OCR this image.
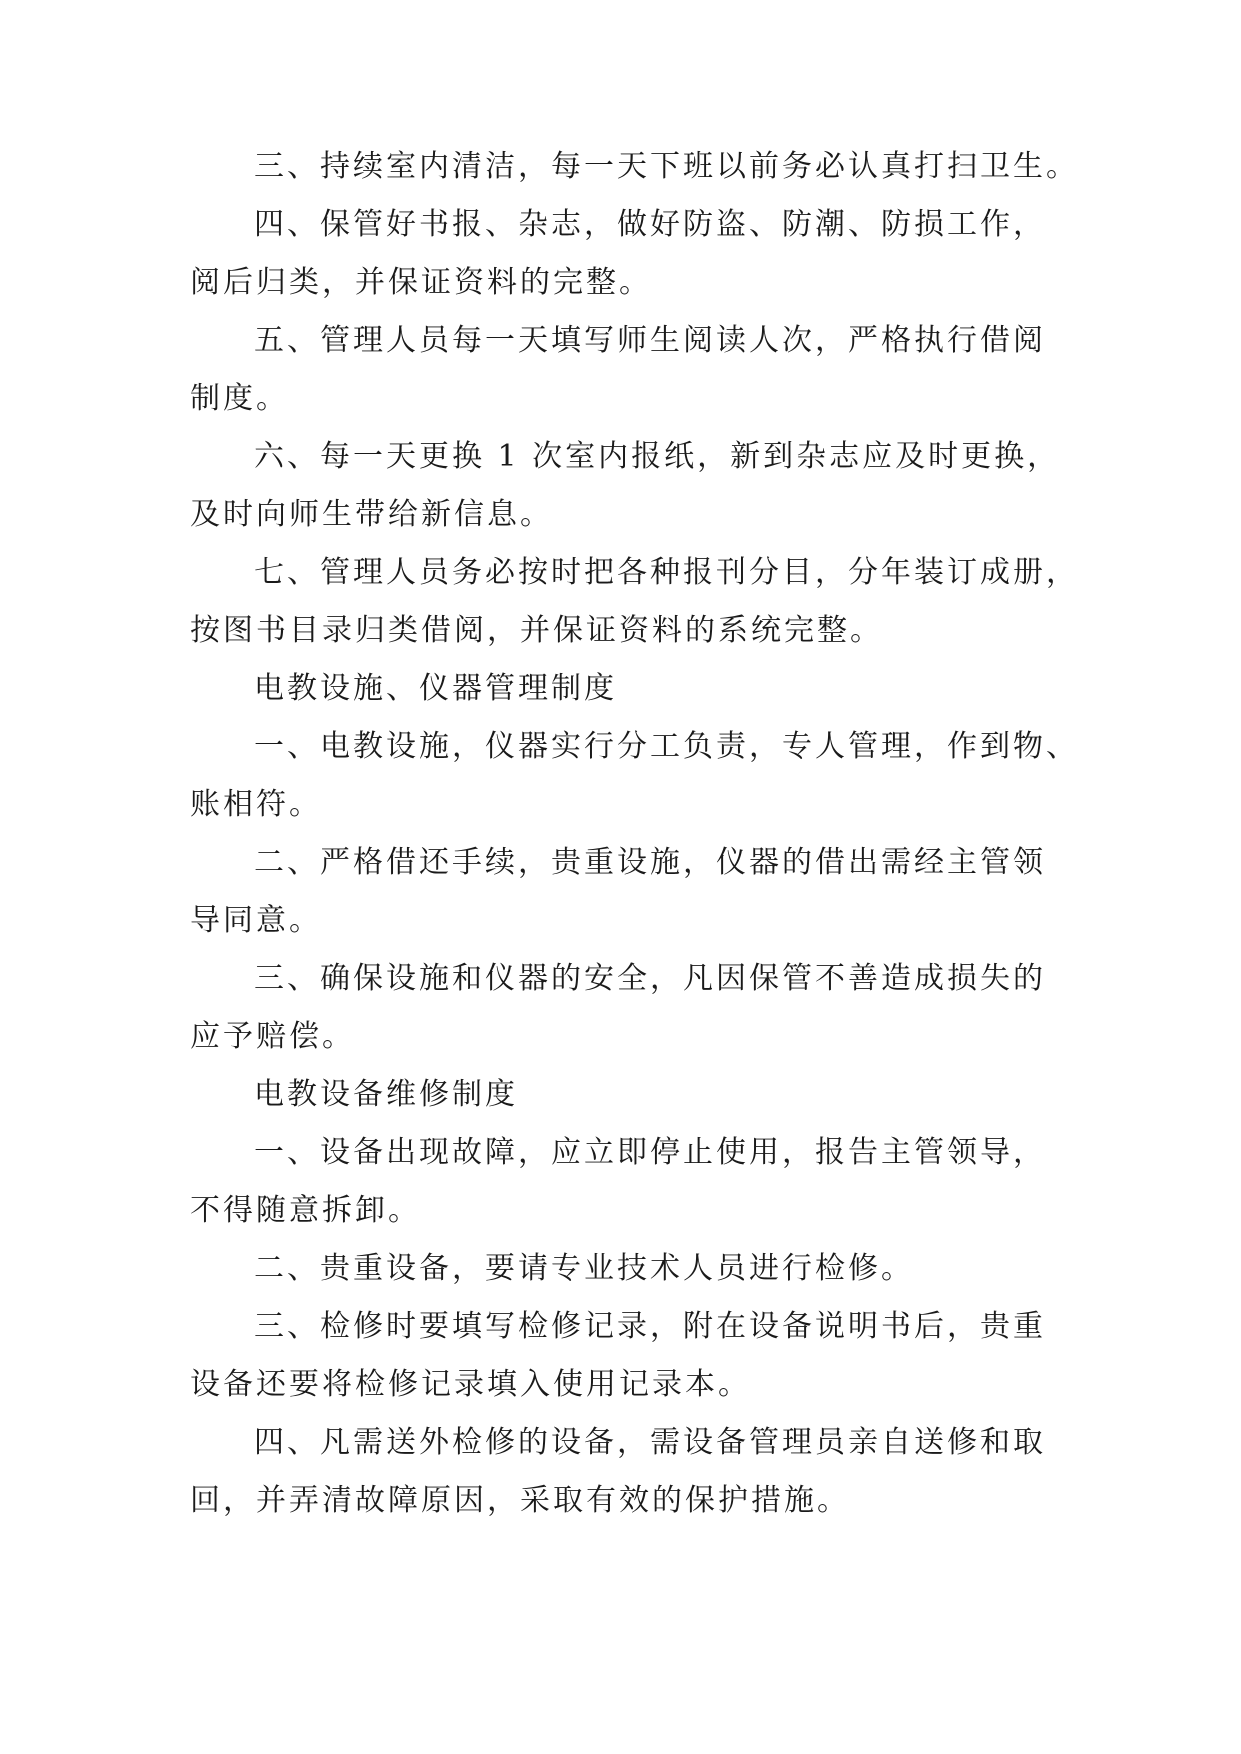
三、持续室内清洁，每一天下班以前务必认真打扫卫生。
四、保管好书报、杂志，做好防盗、防潮、防损工作，
阅后归类，并保证资料的完整。
五、管理人员每一天填写师生阅读人次，严格执行借阅
制度。
六、每一天更换 1 次室内报纸，新到杂志应及时更换，
及时向师生带给新信息。
七、管理人员务必按时把各种报刊分目，分年装订成册，
按图书目录归类借阅，并保证资料的系统完整。
电教设施、仪器管理制度
一、电教设施，仪器实行分工负责，专人管理，作到物、
账相符。
二、严格借还手续，贵重设施，仪器的借出需经主管领
导同意。
三、确保设施和仪器的安全，凡因保管不善造成损失的
应予赔偿。
电教设备维修制度
一、设备出现故障，应立即停止使用，报告主管领导，
不得随意拆卸。
二、贵重设备，要请专业技术人员进行检修。
三、检修时要填写检修记录，附在设备说明书后，贵重
设备还要将检修记录填入使用记录本。
四、凡需送外检修的设备，需设备管理员亲自送修和取
回，并弄清故障原因，采取有效的保护措施。
